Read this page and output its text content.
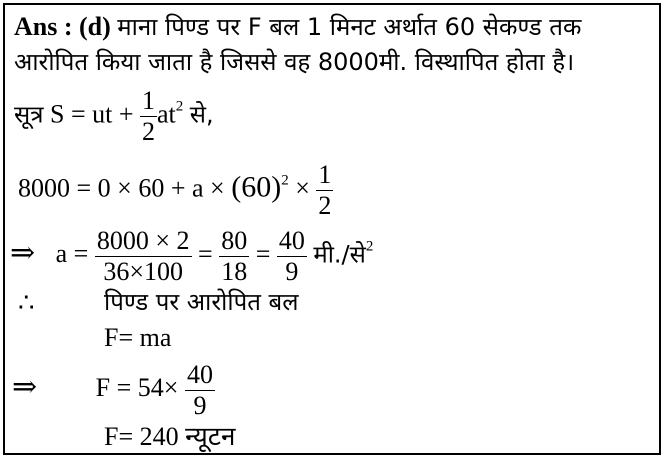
Ans : (d) माना पिण्ड पर F बल 1 मिनट अर्थात 60 सेकण्ड तक
आरोपित किया जाता है जिससे वह 8000मी. विस्थापित होता है।
सूत्र S = ut + $\frac{1}{2} at^2$ से,
$8000 = 0 \times 60 + a \times (60)^2 \times \frac{1}{2}$
⇒ $a = \frac{8000 \times 2}{36\times 100} = \frac{80}{18} = \frac{40}{9}$ मी./से$^2$
∴	पिण्ड पर आरोपित बल
F= ma
⇒ $F = 54\times \frac{40}{9}$
F= 240 न्यूटन
